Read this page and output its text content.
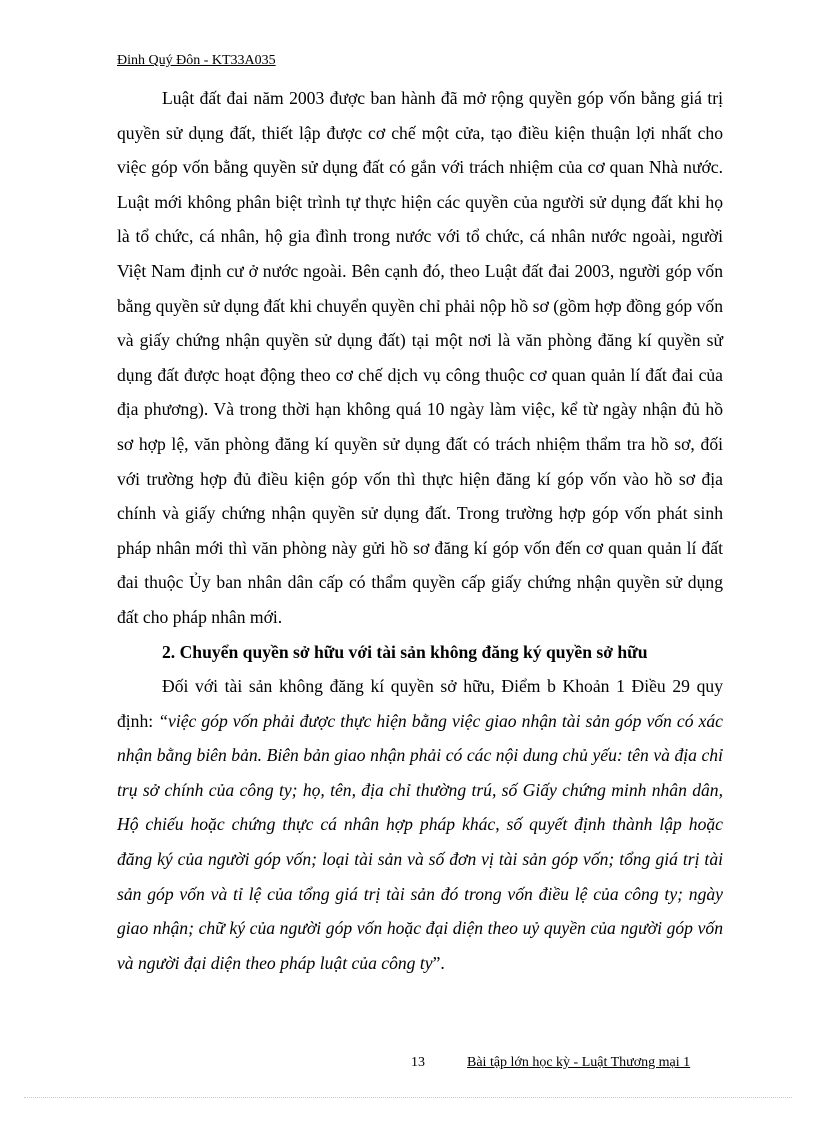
Đinh Quý Đôn - KT33A035

Luật đất đai năm 2003 được ban hành đã mở rộng quyền góp vốn bằng giá trị quyền sử dụng đất, thiết lập được cơ chế một cửa, tạo điều kiện thuận lợi nhất cho việc góp vốn bằng quyền sử dụng đất có gắn với trách nhiệm của cơ quan Nhà nước. Luật mới không phân biệt trình tự thực hiện các quyền của người sử dụng đất khi họ là tổ chức, cá nhân, hộ gia đình trong nước với tổ chức, cá nhân nước ngoài, người Việt Nam định cư ở nước ngoài. Bên cạnh đó, theo Luật đất đai 2003, người góp vốn bằng quyền sử dụng đất khi chuyển quyền chỉ phải nộp hồ sơ (gồm hợp đồng góp vốn và giấy chứng nhận quyền sử dụng đất) tại một nơi là văn phòng đăng kí quyền sử dụng đất được hoạt động theo cơ chế dịch vụ công thuộc cơ quan quản lí đất đai của địa phương). Và trong thời hạn không quá 10 ngày làm việc, kể từ ngày nhận đủ hồ sơ hợp lệ, văn phòng đăng kí quyền sử dụng đất có trách nhiệm thẩm tra hồ sơ, đối với trường hợp đủ điều kiện góp vốn thì thực hiện đăng kí góp vốn vào hồ sơ địa chính và giấy chứng nhận quyền sử dụng đất. Trong trường hợp góp vốn phát sinh pháp nhân mới thì văn phòng này gửi hồ sơ đăng kí góp vốn đến cơ quan quản lí đất đai thuộc Ủy ban nhân dân cấp có thẩm quyền cấp giấy chứng nhận quyền sử dụng đất cho pháp nhân mới.

2. Chuyển quyền sở hữu với tài sản không đăng ký quyền sở hữu

Đối với tài sản không đăng kí quyền sở hữu, Điểm b Khoản 1 Điều 29 quy định: “việc góp vốn phải được thực hiện bằng việc giao nhận tài sản góp vốn có xác nhận bằng biên bản. Biên bản giao nhận phải có các nội dung chủ yếu: tên và địa chỉ trụ sở chính của công ty; họ, tên, địa chỉ thường trú, số Giấy chứng minh nhân dân, Hộ chiếu hoặc chứng thực cá nhân hợp pháp khác, số quyết định thành lập hoặc đăng ký của người góp vốn; loại tài sản và số đơn vị tài sản góp vốn; tổng giá trị tài sản góp vốn và tỉ lệ của tổng giá trị tài sản đó trong vốn điều lệ của công ty; ngày giao nhận; chữ ký của người góp vốn hoặc đại diện theo uỷ quyền của người góp vốn và người đại diện theo pháp luật của công ty”.

13	Bài tập lớn học kỳ - Luật Thương mại 1
